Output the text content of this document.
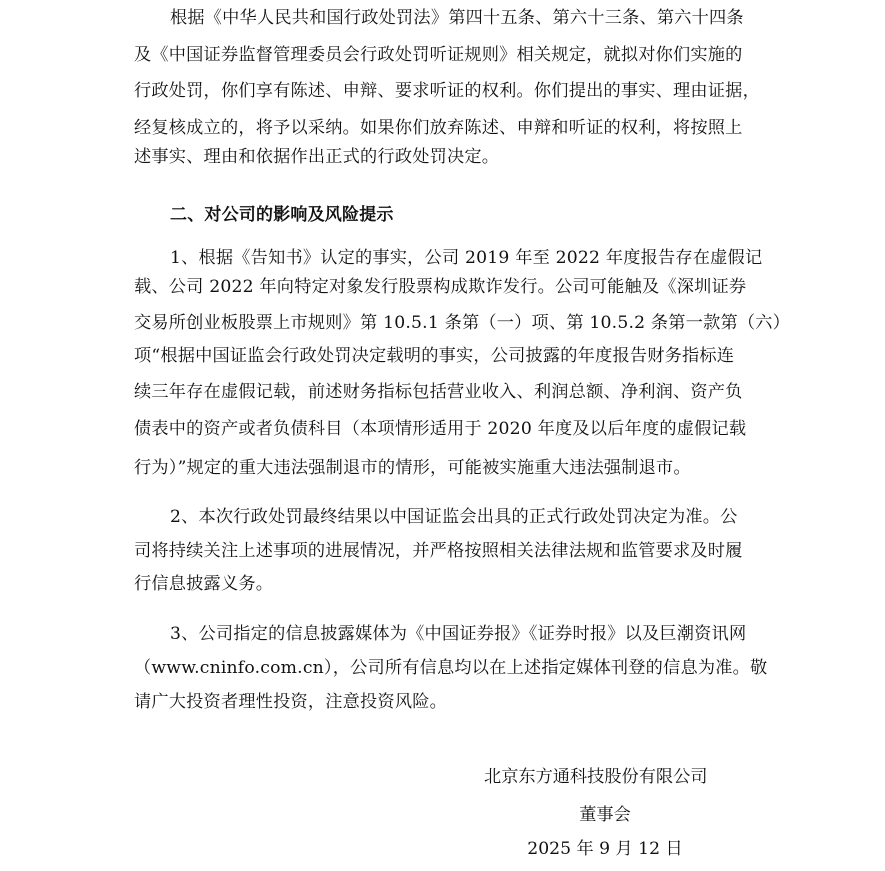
根据《中华人民共和国行政处罚法》第四十五条、第六十三条、第六十四条
及《中国证券监督管理委员会行政处罚听证规则》相关规定，就拟对你们实施的
行政处罚，你们享有陈述、申辩、要求听证的权利。你们提出的事实、理由证据，
经复核成立的，将予以采纳。如果你们放弃陈述、申辩和听证的权利，将按照上
述事实、理由和依据作出正式的行政处罚决定。
二、对公司的影响及风险提示
1、根据《告知书》认定的事实，公司 2019 年至 2022 年度报告存在虚假记
载、公司 2022 年向特定对象发行股票构成欺诈发行。公司可能触及《深圳证券
交易所创业板股票上市规则》第 10.5.1 条第（一）项、第 10.5.2 条第一款第（六）
项“根据中国证监会行政处罚决定载明的事实，公司披露的年度报告财务指标连
续三年存在虚假记载，前述财务指标包括营业收入、利润总额、净利润、资产负
债表中的资产或者负债科目（本项情形适用于 2020 年度及以后年度的虚假记载
行为）”规定的重大违法强制退市的情形，可能被实施重大违法强制退市。
2、本次行政处罚最终结果以中国证监会出具的正式行政处罚决定为准。公
司将持续关注上述事项的进展情况，并严格按照相关法律法规和监管要求及时履
行信息披露义务。
3、公司指定的信息披露媒体为《中国证券报》《证券时报》以及巨潮资讯网
（www.cninfo.com.cn），公司所有信息均以在上述指定媒体刊登的信息为准。敬
请广大投资者理性投资，注意投资风险。
北京东方通科技股份有限公司
董事会
2025 年 9 月 12 日
